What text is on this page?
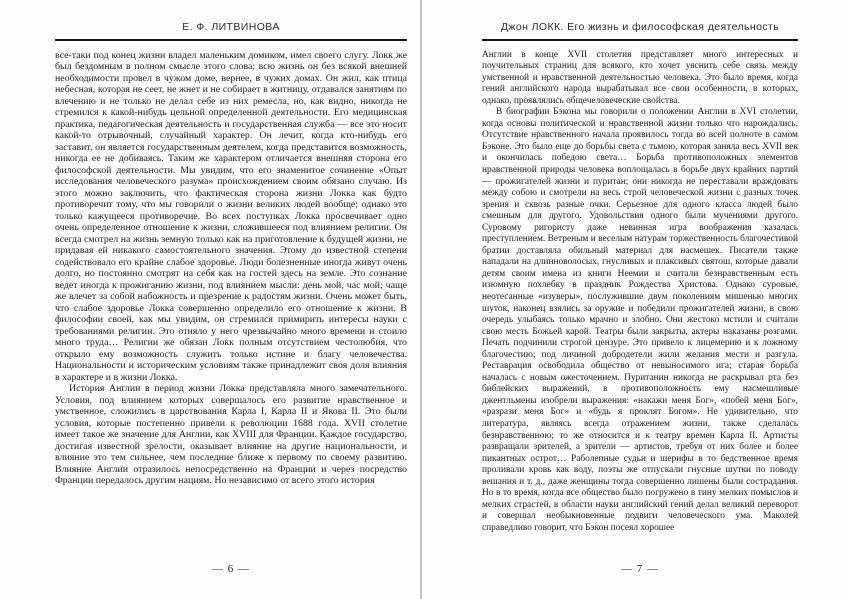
Е. Ф. ЛИТВИНОВА

все-таки под конец жизни владел маленьким домиком, имел своего слугу. Локк же был бездомным в полном смысле этого слова; всю жизнь он без всякой внешней необходимости провел в чужом доме, вернее, в чужих домах. Он жил, как птица небесная, которая не сеет, не жнет и не собирает в житницу, отдавался занятиям по влечению и не только не делал себе из них ремесла, но, как видно, никогда не стремился к какой-нибудь цельной определенной деятельности. Его медицинская практика, педагогическая деятельность и государственная служба — все это носит какой-то отрывочный, случайный характер. Он лечит, когда кто-нибудь его заставит, он является государственным деятелем, когда представится возможность, никогда ее не добиваясь. Таким же характером отличается внешняя сторона его философской деятельности. Мы увидим, что его знаменитое сочинение «Опыт исследования человеческого разума» происхождением своим обязано случаю. Из этого можно заключить, что фактическая сторона жизни Локка как будто противоречит тому, что мы говорили о жизни великих людей вообще; однако это только кажущееся противоречие. Во всех поступках Локка просвечивает одно очень определенное отношение к жизни, сложившееся под влиянием религии. Он всегда смотрел на жизнь земную только как на приготовление к будущей жизни, не придавая ей никакого самостоятельного значения. Этому до известной степени содействовало его крайне слабое здоровье. Люди болезненные иногда живут очень долго, но постоянно смотрят на себя как на гостей здесь на земле. Это сознание ведет иногда к прожиганию жизни, под влиянием мысли: день мой, час мой; чаще же влечет за собой набожность и презрение к радостям жизни. Очень может быть, что слабое здоровье Локка совершенно определило его отношение к жизни. В философии своей, как мы увидим, он стремился примирить интересы науки с требованиями религии. Это отняло у него чрезвычайно много времени и стоило много труда… Религии же обязан Локк полным отсутствием честолюбия, что открыло ему возможность служить только истине и благу человечества. Национальности и историческим условиям также принадлежит своя доля влияния в характере и в жизни Локка.

История Англии в период жизни Локка представляла много замечательного. Условия, под влиянием которых совершалось его развитие нравственное и умственное, сложились в царствования Карла I, Карла II и Якова II. Это были условия, которые постепенно привели к революции 1688 года. XVII столетие имеет такое же значение для Англии, как XVIII для Франции. Каждое государство, достигая известной зрелости, оказывает влияние на другие национальности, и влияние это тем сильнее, чем последние ближе к первому по своему развитию. Влияние Англии отразилось непосредственно на Франции и через посредство Франции передалось другим нациям. Но независимо от всего этого история

— 6 —
Джон ЛОКК. Его жизнь и философская деятельность

Англии в конце XVII столетия представляет много интересных и поучительных страниц для всякого, кто хочет уяснить себе связь между умственной и нравственной деятельностью человека. Это было время, когда гений английского народа вырабатывал все свои особенности, в которых, однако, проявлялись общечеловеческие свойства.

В биографии Бэкона мы говорили о положении Англии в XVI столетии, когда основы политической и нравственной жизни только что нарождались. Отсутствие нравственного начала проявилось тогда во всей полноте в самом Бэконе. Это было еще до борьбы света с тьмою, которая заняла весь XVII век и окончилась победою света… Борьба противоположных элементов нравственной природы человека воплощалась в борьбе двух крайних партий — прожигателей жизни и пуритан; они никогда не переставали враждовать между собою и смотрели на весь строй человеческой жизни с разных точек зрения и сквозь разные очки. Серьезное для одного класса людей было смешным для другого. Удовольствия одного были мучениями другого. Суровому ригористу даже невинная игра воображения казалась преступлением. Ветреным и веселым натурам торжественность благочестивой братии доставляла обильный материал для насмешек. Писатели также нападали на длинноволосых, гнусливых и плаксивых святош, которые давали детям своим имена из книги Неемии и считали безнравственным есть изюмную похлебку в праздник Рождества Христова. Однако суровые, неотесанные «изуверы», послужившие двум поколениям мишенью многих шуток, наконец взялись за оружие и победили прожигателей жизни, в свою очередь улыбаясь только мрачно и злобно. Они жестоко мстили и считали свою месть Божьей карой. Театры были закрыты, актеры наказаны розгами. Печать подчинили строгой цензуре. Это привело к лицемерию и к ложному благочестию; под личиной добродетели жили желания мести и разгула. Реставрация освободила общество от невыносимого ига; старая борьба началась с новым ожесточением. Пуританин никогда не раскрывал рта без библейских выражений, в противоположность ему насмешливые джентльмены изобрели выражения: «накажи меня Бог», «побей меня Бог», «разрази меня Бог» и «будь я проклят Богом». Не удивительно, что литература, являясь всегда отражением жизни, также сделалась безнравственною; то же относится и к театру времен Карла II. Артисты развращали зрителей, а зрители — артистов, требуя от них более и более пикантных острот… Раболепные судьи и шерифы в то бедственное время проливали кровь как воду, поэты же отпускали гнусные шутки по поводу вешания и т. д., даже женщины тогда совершенно лишены были сострадания. Но в то время, когда все общество было погружено в тину мелких помыслов и мелких страстей, в области науки английский гений делал великий переворот и совершал необыкновенные подвиги человеческого ума. Маколей справедливо говорит, что Бэкон посеял хорошее

— 7 —
